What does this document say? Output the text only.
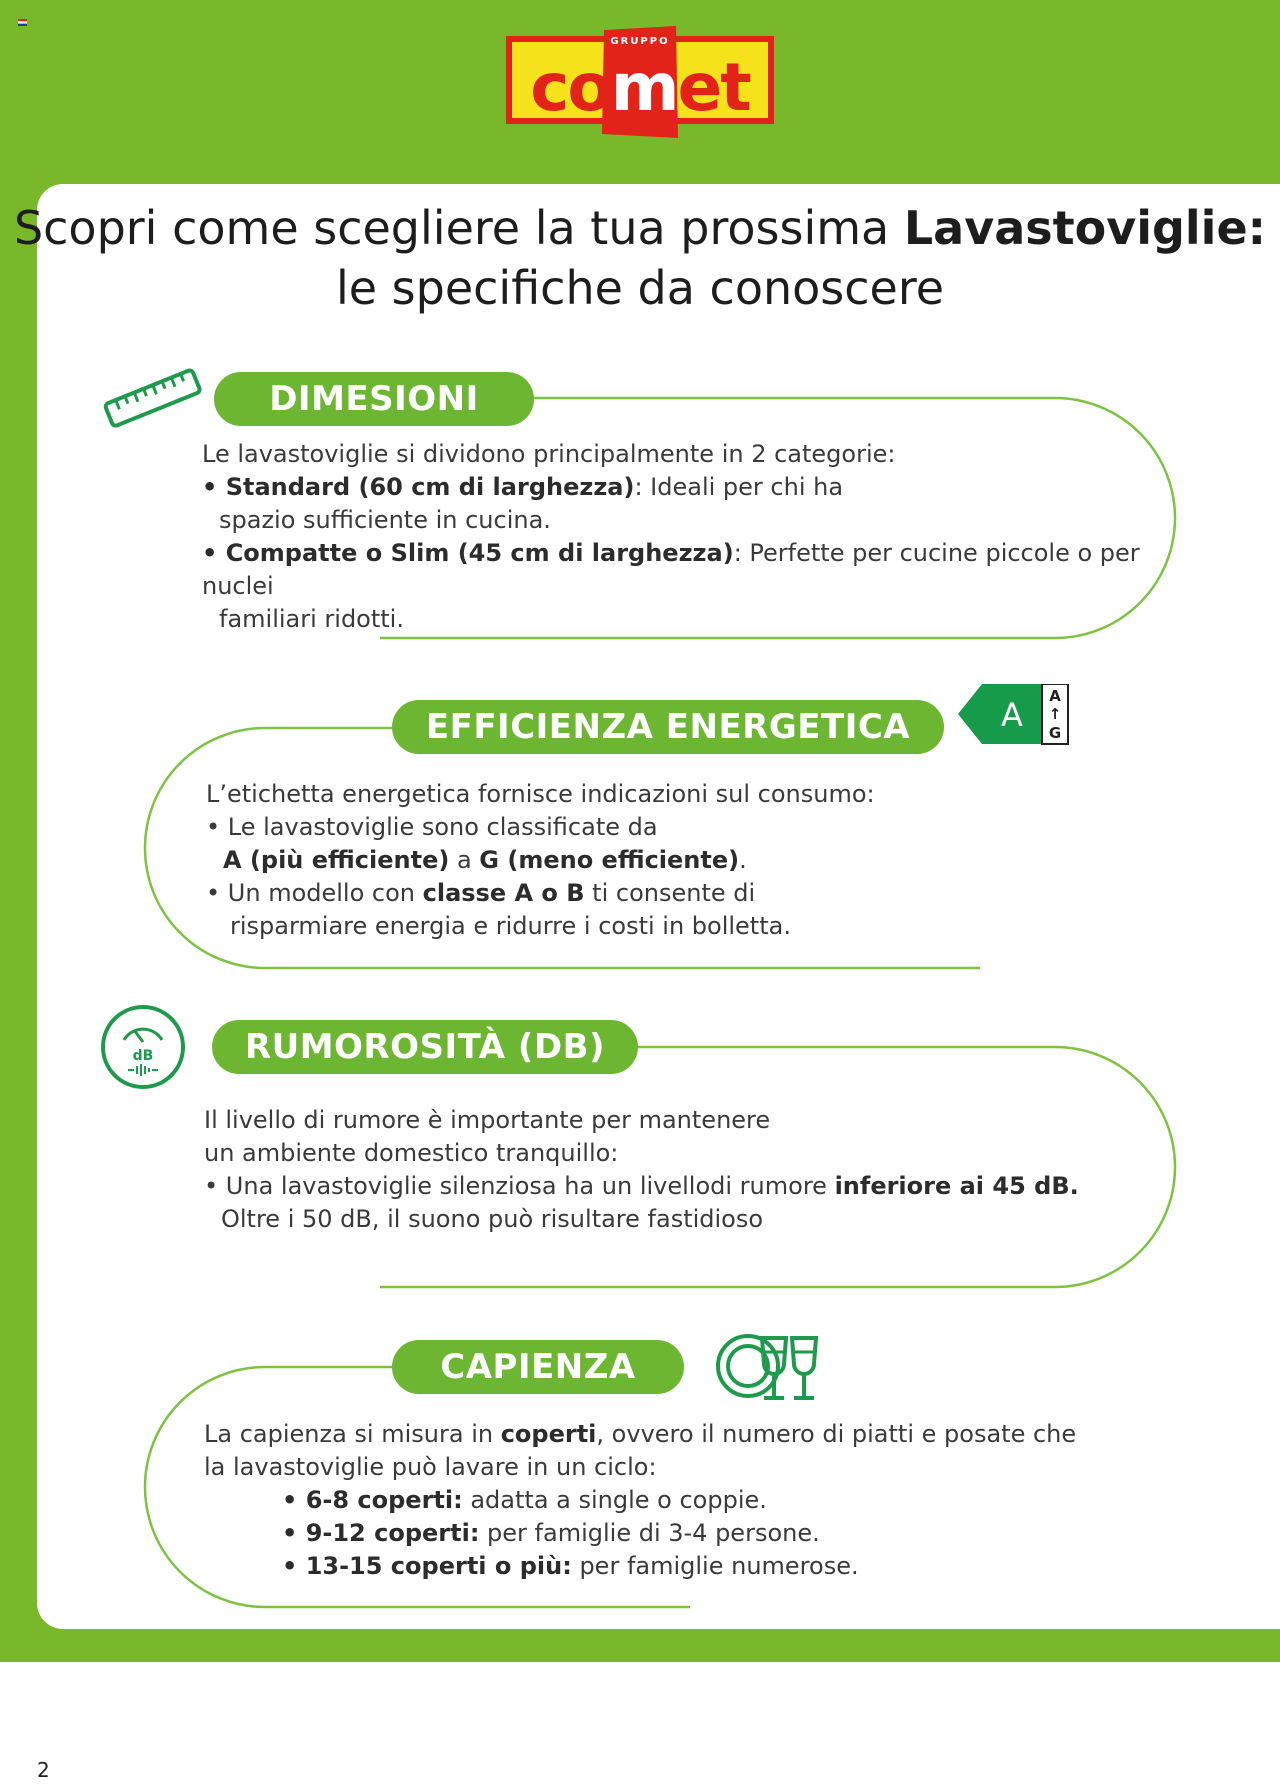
GRUPPO
comet
Scopri come scegliere la tua prossima Lavastoviglie:
le specifiche da conoscere
DIMESIONI

Le lavastoviglie si dividono principalmente in 2 categorie:

• Standard (60 cm di larghezza): Ideali per chi ha

spazio sufficiente in cucina.

• Compatte o Slim (45 cm di larghezza): Perfette per cucine piccole o per nuclei

familiari ridotti.

EFFICIENZA ENERGETICA	A A
↑
G

L’etichetta energetica fornisce indicazioni sul consumo:

• Le lavastoviglie sono classificate da

A (più efficiente) a G (meno efficiente).

• Un modello con classe A o B ti consente di

risparmiare energia e ridurre i costi in bolletta.

dB	RUMOROSITÀ (DB)

Il livello di rumore è importante per mantenere

un ambiente domestico tranquillo:

• Una lavastoviglie silenziosa ha un livellodi rumore inferiore ai 45 dB.

Oltre i 50 dB, il suono può risultare fastidioso

CAPIENZA

La capienza si misura in coperti, ovvero il numero di piatti e posate che

la lavastoviglie può lavare in un ciclo:

• 6-8 coperti: adatta a single o coppie.

• 9-12 coperti: per famiglie di 3-4 persone.

• 13-15 coperti o più: per famiglie numerose.

2
